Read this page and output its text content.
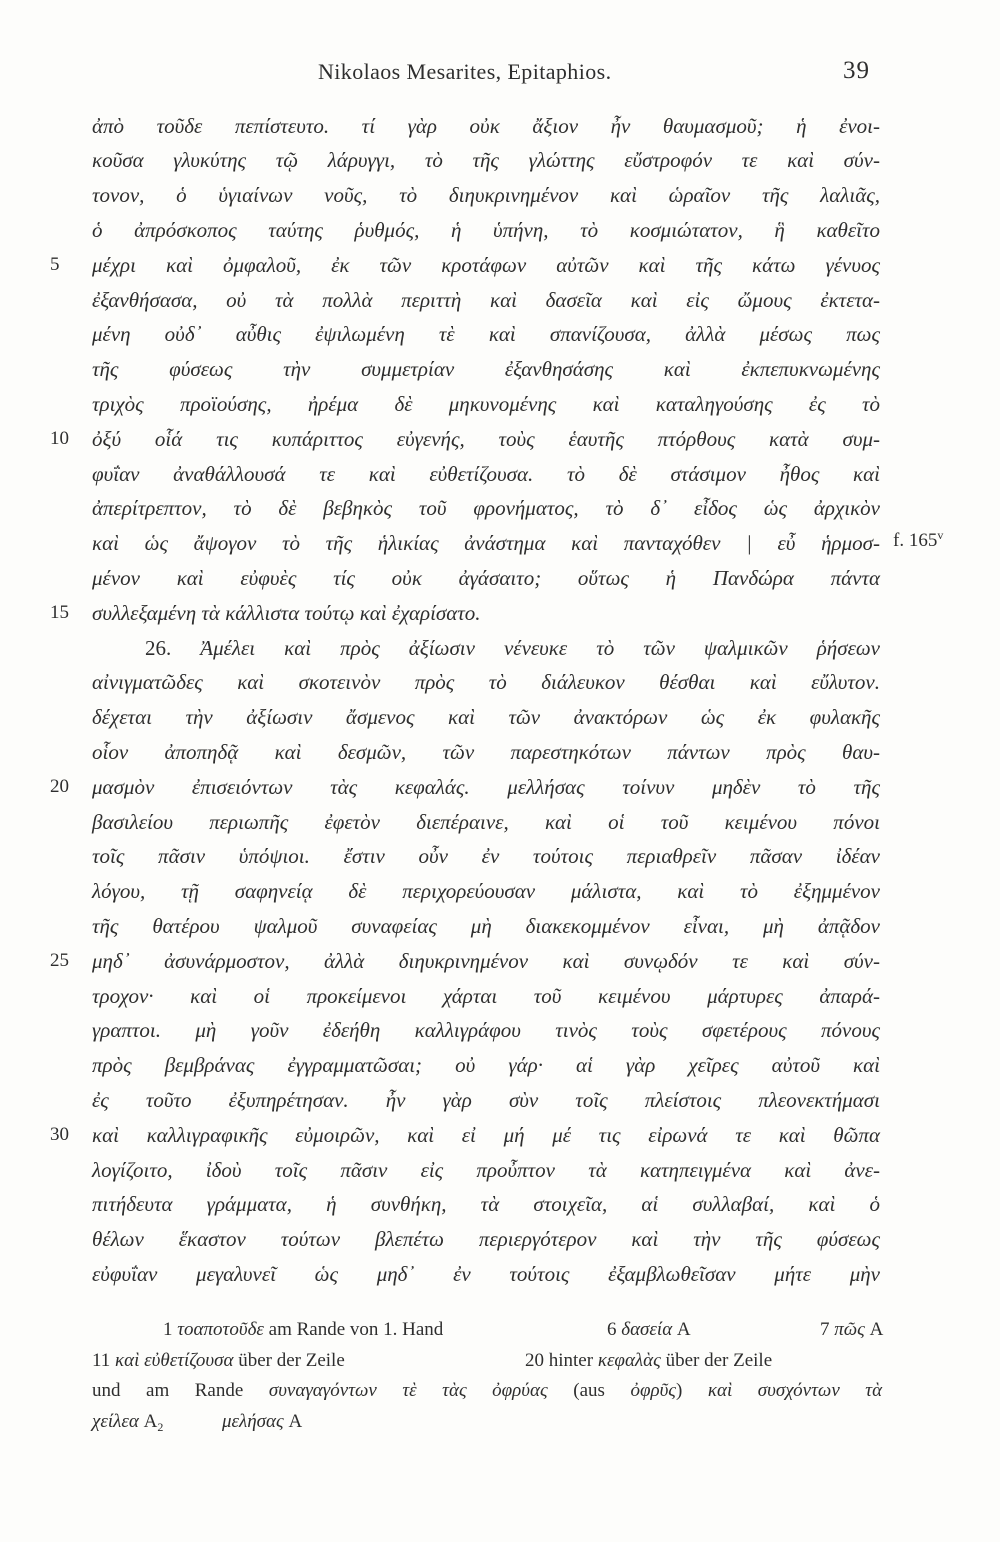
Nikolaos Mesarites, Epitaphios.	39
ἀπὸ τοῦδε πεπίστευτο. τί γὰρ οὐκ ἄξιον ἦν θαυμασμοῦ; ἡ ἐνοι-
κοῦσα γλυκύτης τῷ λάρυγγι, τὸ τῆς γλώττης εὔστροφόν τε καὶ σύν-
τονον, ὁ ὑγιαίνων νοῦς, τὸ διηυκρινημένον καὶ ὡραῖον τῆς λαλιᾶς,
ὁ ἀπρόσκοπος ταύτης ῥυθμός, ἡ ὑπήνη, τὸ κοσμιώτατον, ἣ καθεῖτο
5 μέχρι καὶ ὀμφαλοῦ, ἐκ τῶν κροτάφων αὐτῶν καὶ τῆς κάτω γένυος
ἐξανθήσασα, οὐ τὰ πολλὰ περιττὴ καὶ δασεῖα καὶ εἰς ὤμους ἐκτετα-
μένη οὐδ᾽ αὖθις ἐψιλωμένη τὲ καὶ σπανίζουσα, ἀλλὰ μέσως πως
τῆς φύσεως τὴν συμμετρίαν ἐξανθησάσης καὶ ἐκπεπυκνωμένης
τριχὸς προϊούσης, ἠρέμα δὲ μηκυνομένης καὶ καταληγούσης ἐς τὸ
10 ὀξύ οἷά τις κυπάριττος εὐγενής, τοὺς ἑαυτῆς πτόρθους κατὰ συμ-
φυΐαν ἀναθάλλουσά τε καὶ εὐθετίζουσα. τὸ δὲ στάσιμον ἦθος καὶ
ἀπερίτρεπτον, τὸ δὲ βεβηκὸς τοῦ φρονήματος, τὸ δ᾽ εἶδος ὡς ἀρχικὸν
καὶ ὡς ἄψογον τὸ τῆς ἡλικίας ἀνάστημα καὶ πανταχόθεν | εὖ ἡρμοσ- f. 165$^v$
μένον καὶ εὐφυὲς τίς οὐκ ἀγάσαιτο; οὕτως ἡ Πανδώρα πάντα
15 συλλεξαμένη τὰ κάλλιστα τούτῳ καὶ ἐχαρίσατο.
26. Ἀμέλει καὶ πρὸς ἀξίωσιν νένευκε τὸ τῶν ψαλμικῶν ῥήσεων
αἰνιγματῶδες καὶ σκοτεινὸν πρὸς τὸ διάλευκον θέσθαι καὶ εὔλυτον.
δέχεται τὴν ἀξίωσιν ἄσμενος καὶ τῶν ἀνακτόρων ὡς ἐκ φυλακῆς
οἷον ἀποπηδᾷ καὶ δεσμῶν, τῶν παρεστηκότων πάντων πρὸς θαυ-
20 μασμὸν ἐπισειόντων τὰς κεφαλάς. μελλήσας τοίνυν μηδὲν τὸ τῆς
βασιλείου περιωπῆς ἐφετὸν διεπέραινε, καὶ οἱ τοῦ κειμένου πόνοι
τοῖς πᾶσιν ὑπόψιοι. ἔστιν οὖν ἐν τούτοις περιαθρεῖν πᾶσαν ἰδέαν
λόγου, τῇ σαφηνείᾳ δὲ περιχορεύουσαν μάλιστα, καὶ τὸ ἐξημμένον
τῆς θατέρου ψαλμοῦ συναφείας μὴ διακεκομμένον εἶναι, μὴ ἀπᾷδον
25 μηδ᾽ ἀσυνάρμοστον, ἀλλὰ διηυκρινημένον καὶ συνῳδόν τε καὶ σύν-
τροχον· καὶ οἱ προκείμενοι χάρται τοῦ κειμένου μάρτυρες ἀπαρά-
γραπτοι. μὴ γοῦν ἐδεήθη καλλιγράφου τινὸς τοὺς σφετέρους πόνους
πρὸς βεμβράνας ἐγγραμματῶσαι; οὐ γάρ· αἱ γὰρ χεῖρες αὐτοῦ καὶ
ἐς τοῦτο ἐξυπηρέτησαν. ἦν γὰρ σὺν τοῖς πλείστοις πλεονεκτήμασι
30 καὶ καλλιγραφικῆς εὐμοιρῶν, καὶ εἰ μή μέ τις εἰρωνά τε καὶ θῶπα
λογίζοιτο, ἰδοὺ τοῖς πᾶσιν εἰς προὖπτον τὰ κατηπειγμένα καὶ ἀνε-
πιτήδευτα γράμματα, ἡ συνθήκη, τὰ στοιχεῖα, αἱ συλλαβαί, καὶ ὁ
θέλων ἕκαστον τούτων βλεπέτω περιεργότερον καὶ τὴν τῆς φύσεως
εὐφυΐαν μεγαλυνεῖ ὡς μηδ᾽ ἐν τούτοις ἐξαμβλωθεῖσαν μήτε μὴν
1 τοαποτοῦδε am Rande von 1. Hand	6 δασεία A	7 πῶς A
11 καὶ εὐθετίζουσα über der Zeile	20 hinter κεφαλὰς über der Zeile
und am Rande συναγαγόντων τὲ τὰς ὀφρύας (aus ὀφρῦς) καὶ συσχόντων τὰ
χείλεα $A_2$	μελήσας A
